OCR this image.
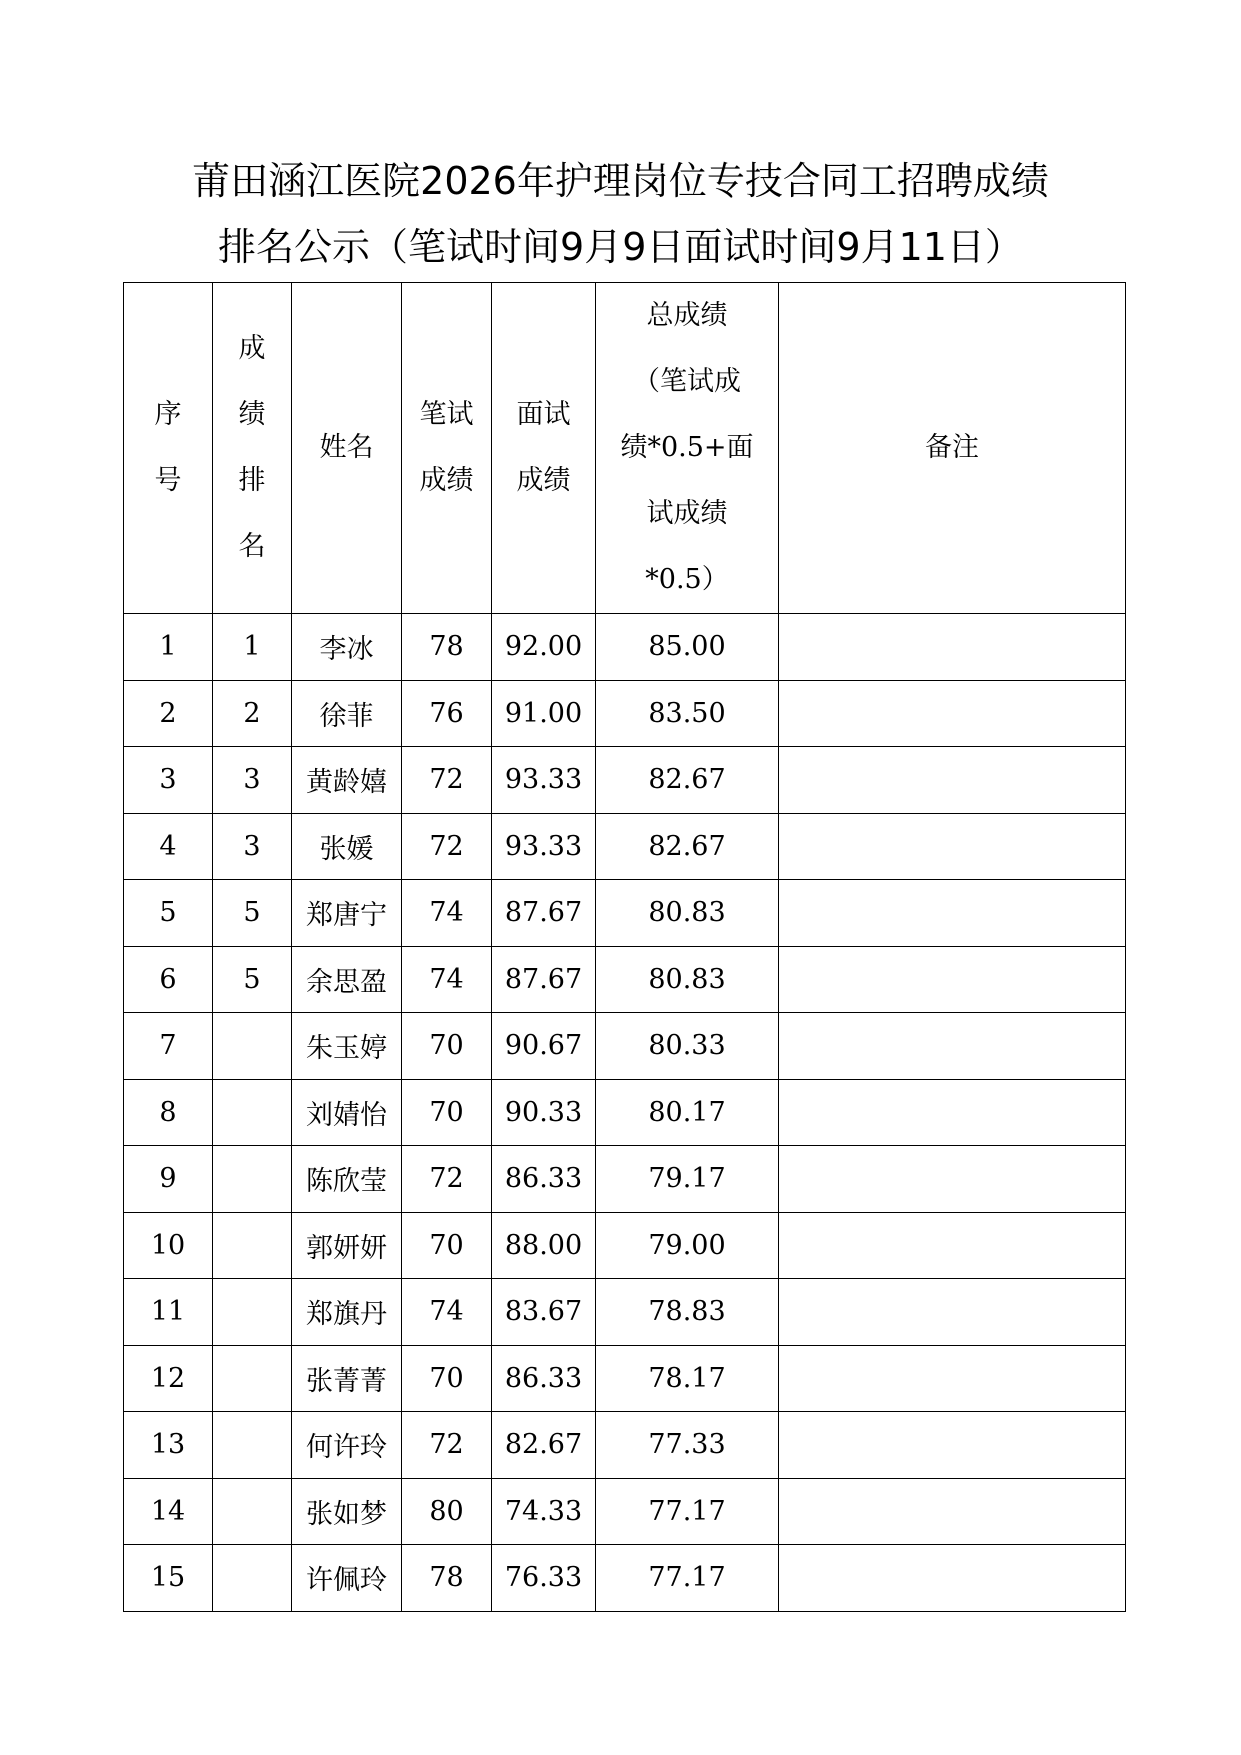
莆田涵江医院2026年护理岗位专技合同工招聘成绩
排名公示（笔试时间9月9日面试时间9月11日）
序
号	成
绩
排
名	姓名	笔试
成绩	面试
成绩	总成绩
（笔试成
绩*0.5+面
试成绩
*0.5）	备注
1	1	李冰	78	92.00	85.00	
2	2	徐菲	76	91.00	83.50	
3	3	黄龄嬉	72	93.33	82.67	
4	3	张媛	72	93.33	82.67	
5	5	郑唐宁	74	87.67	80.83	
6	5	余思盈	74	87.67	80.83	
7		朱玉婷	70	90.67	80.33	
8		刘婧怡	70	90.33	80.17	
9		陈欣莹	72	86.33	79.17	
10		郭妍妍	70	88.00	79.00	
11		郑旗丹	74	83.67	78.83	
12		张菁菁	70	86.33	78.17	
13		何许玲	72	82.67	77.33	
14		张如梦	80	74.33	77.17	
15		许佩玲	78	76.33	77.17	
